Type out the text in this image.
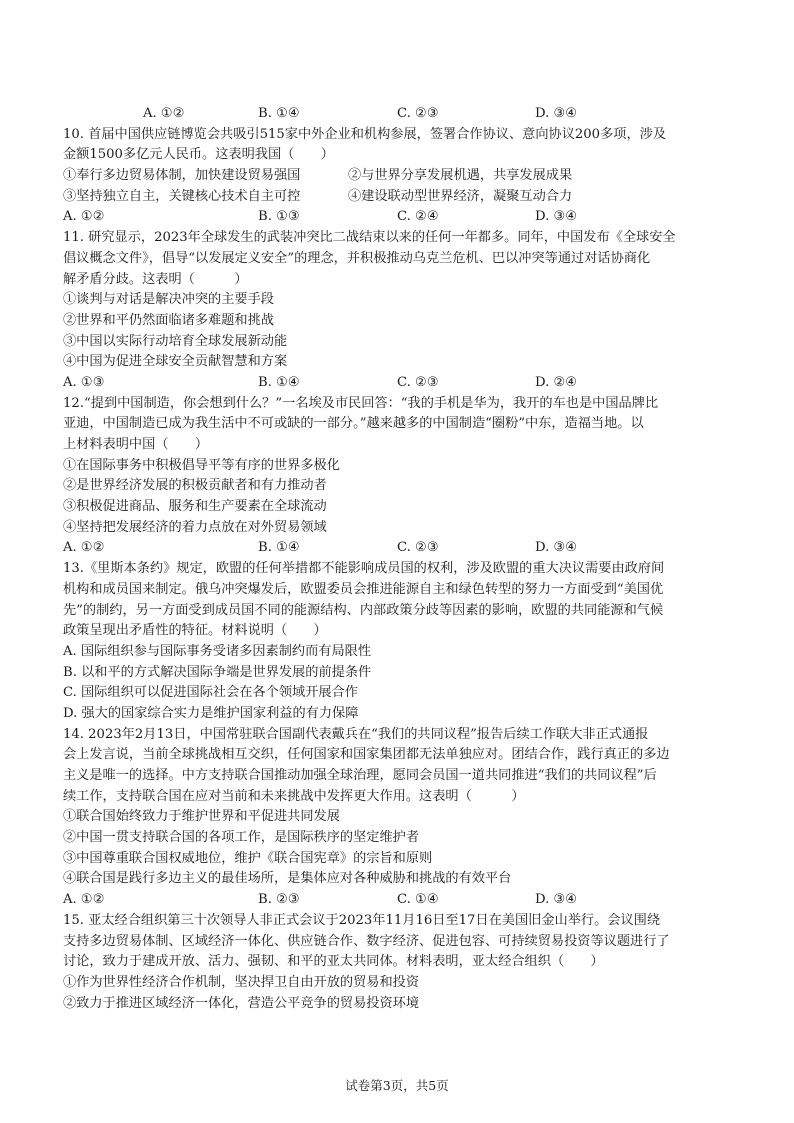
A. ①②	B. ①④	C. ②③	D. ③④
10. 首届中国供应链博览会共吸引515家中外企业和机构参展，签署合作协议、意向协议200多项，涉及
金额1500多亿元人民币。这表明我国（　　）
①奉行多边贸易体制，加快建设贸易强国	②与世界分享发展机遇，共享发展成果
③坚持独立自主，关键核心技术自主可控	④建设联动型世界经济，凝聚互动合力
A. ①②	B. ①③	C. ②④	D. ③④
11. 研究显示，2023年全球发生的武装冲突比二战结束以来的任何一年都多。同年，中国发布《全球安全
倡议概念文件》，倡导“以发展定义安全”的理念，并积极推动乌克兰危机、巴以冲突等通过对话协商化
解矛盾分歧。这表明（　　　）
①谈判与对话是解决冲突的主要手段
②世界和平仍然面临诸多难题和挑战
③中国以实际行动培育全球发展新动能
④中国为促进全球安全贡献智慧和方案
A. ①③	B. ①④	C. ②③	D. ②④
12.“提到中国制造，你会想到什么？”一名埃及市民回答：“我的手机是华为，我开的车也是中国品牌比
亚迪，中国制造已成为我生活中不可或缺的一部分。”越来越多的中国制造“圈粉”中东，造福当地。以
上材料表明中国（　　）
①在国际事务中积极倡导平等有序的世界多极化
②是世界经济发展的积极贡献者和有力推动者
③积极促进商品、服务和生产要素在全球流动
④坚持把发展经济的着力点放在对外贸易领域
A. ①②	B. ①④	C. ②③	D. ③④
13.《里斯本条约》规定，欧盟的任何举措都不能影响成员国的权利，涉及欧盟的重大决议需要由政府间
机构和成员国来制定。俄乌冲突爆发后，欧盟委员会推进能源自主和绿色转型的努力一方面受到“美国优
先”的制约，另一方面受到成员国不同的能源结构、内部政策分歧等因素的影响，欧盟的共同能源和气候
政策呈现出矛盾性的特征。材料说明（　　）
A. 国际组织参与国际事务受诸多因素制约而有局限性
B. 以和平的方式解决国际争端是世界发展的前提条件
C. 国际组织可以促进国际社会在各个领域开展合作
D. 强大的国家综合实力是维护国家利益的有力保障
14. 2023年2月13日，中国常驻联合国副代表戴兵在“我们的共同议程”报告后续工作联大非正式通报
会上发言说，当前全球挑战相互交织，任何国家和国家集团都无法单独应对。团结合作，践行真正的多边
主义是唯一的选择。中方支持联合国推动加强全球治理，愿同会员国一道共同推进“我们的共同议程”后
续工作，支持联合国在应对当前和未来挑战中发挥更大作用。这表明（　　　）
①联合国始终致力于维护世界和平促进共同发展
②中国一贯支持联合国的各项工作，是国际秩序的坚定维护者
③中国尊重联合国权威地位，维护《联合国宪章》的宗旨和原则
④联合国是践行多边主义的最佳场所，是集体应对各种威胁和挑战的有效平台
A. ①②	B. ②③	C. ①④	D. ③④
15. 亚太经合组织第三十次领导人非正式会议于2023年11月16日至17日在美国旧金山举行。会议围绕
支持多边贸易体制、区域经济一体化、供应链合作、数字经济、促进包容、可持续贸易投资等议题进行了
讨论，致力于建成开放、活力、强韧、和平的亚太共同体。材料表明，亚太经合组织（　　）
①作为世界性经济合作机制，坚决捍卫自由开放的贸易和投资
②致力于推进区域经济一体化，营造公平竞争的贸易投资环境
试卷第3页，共5页
